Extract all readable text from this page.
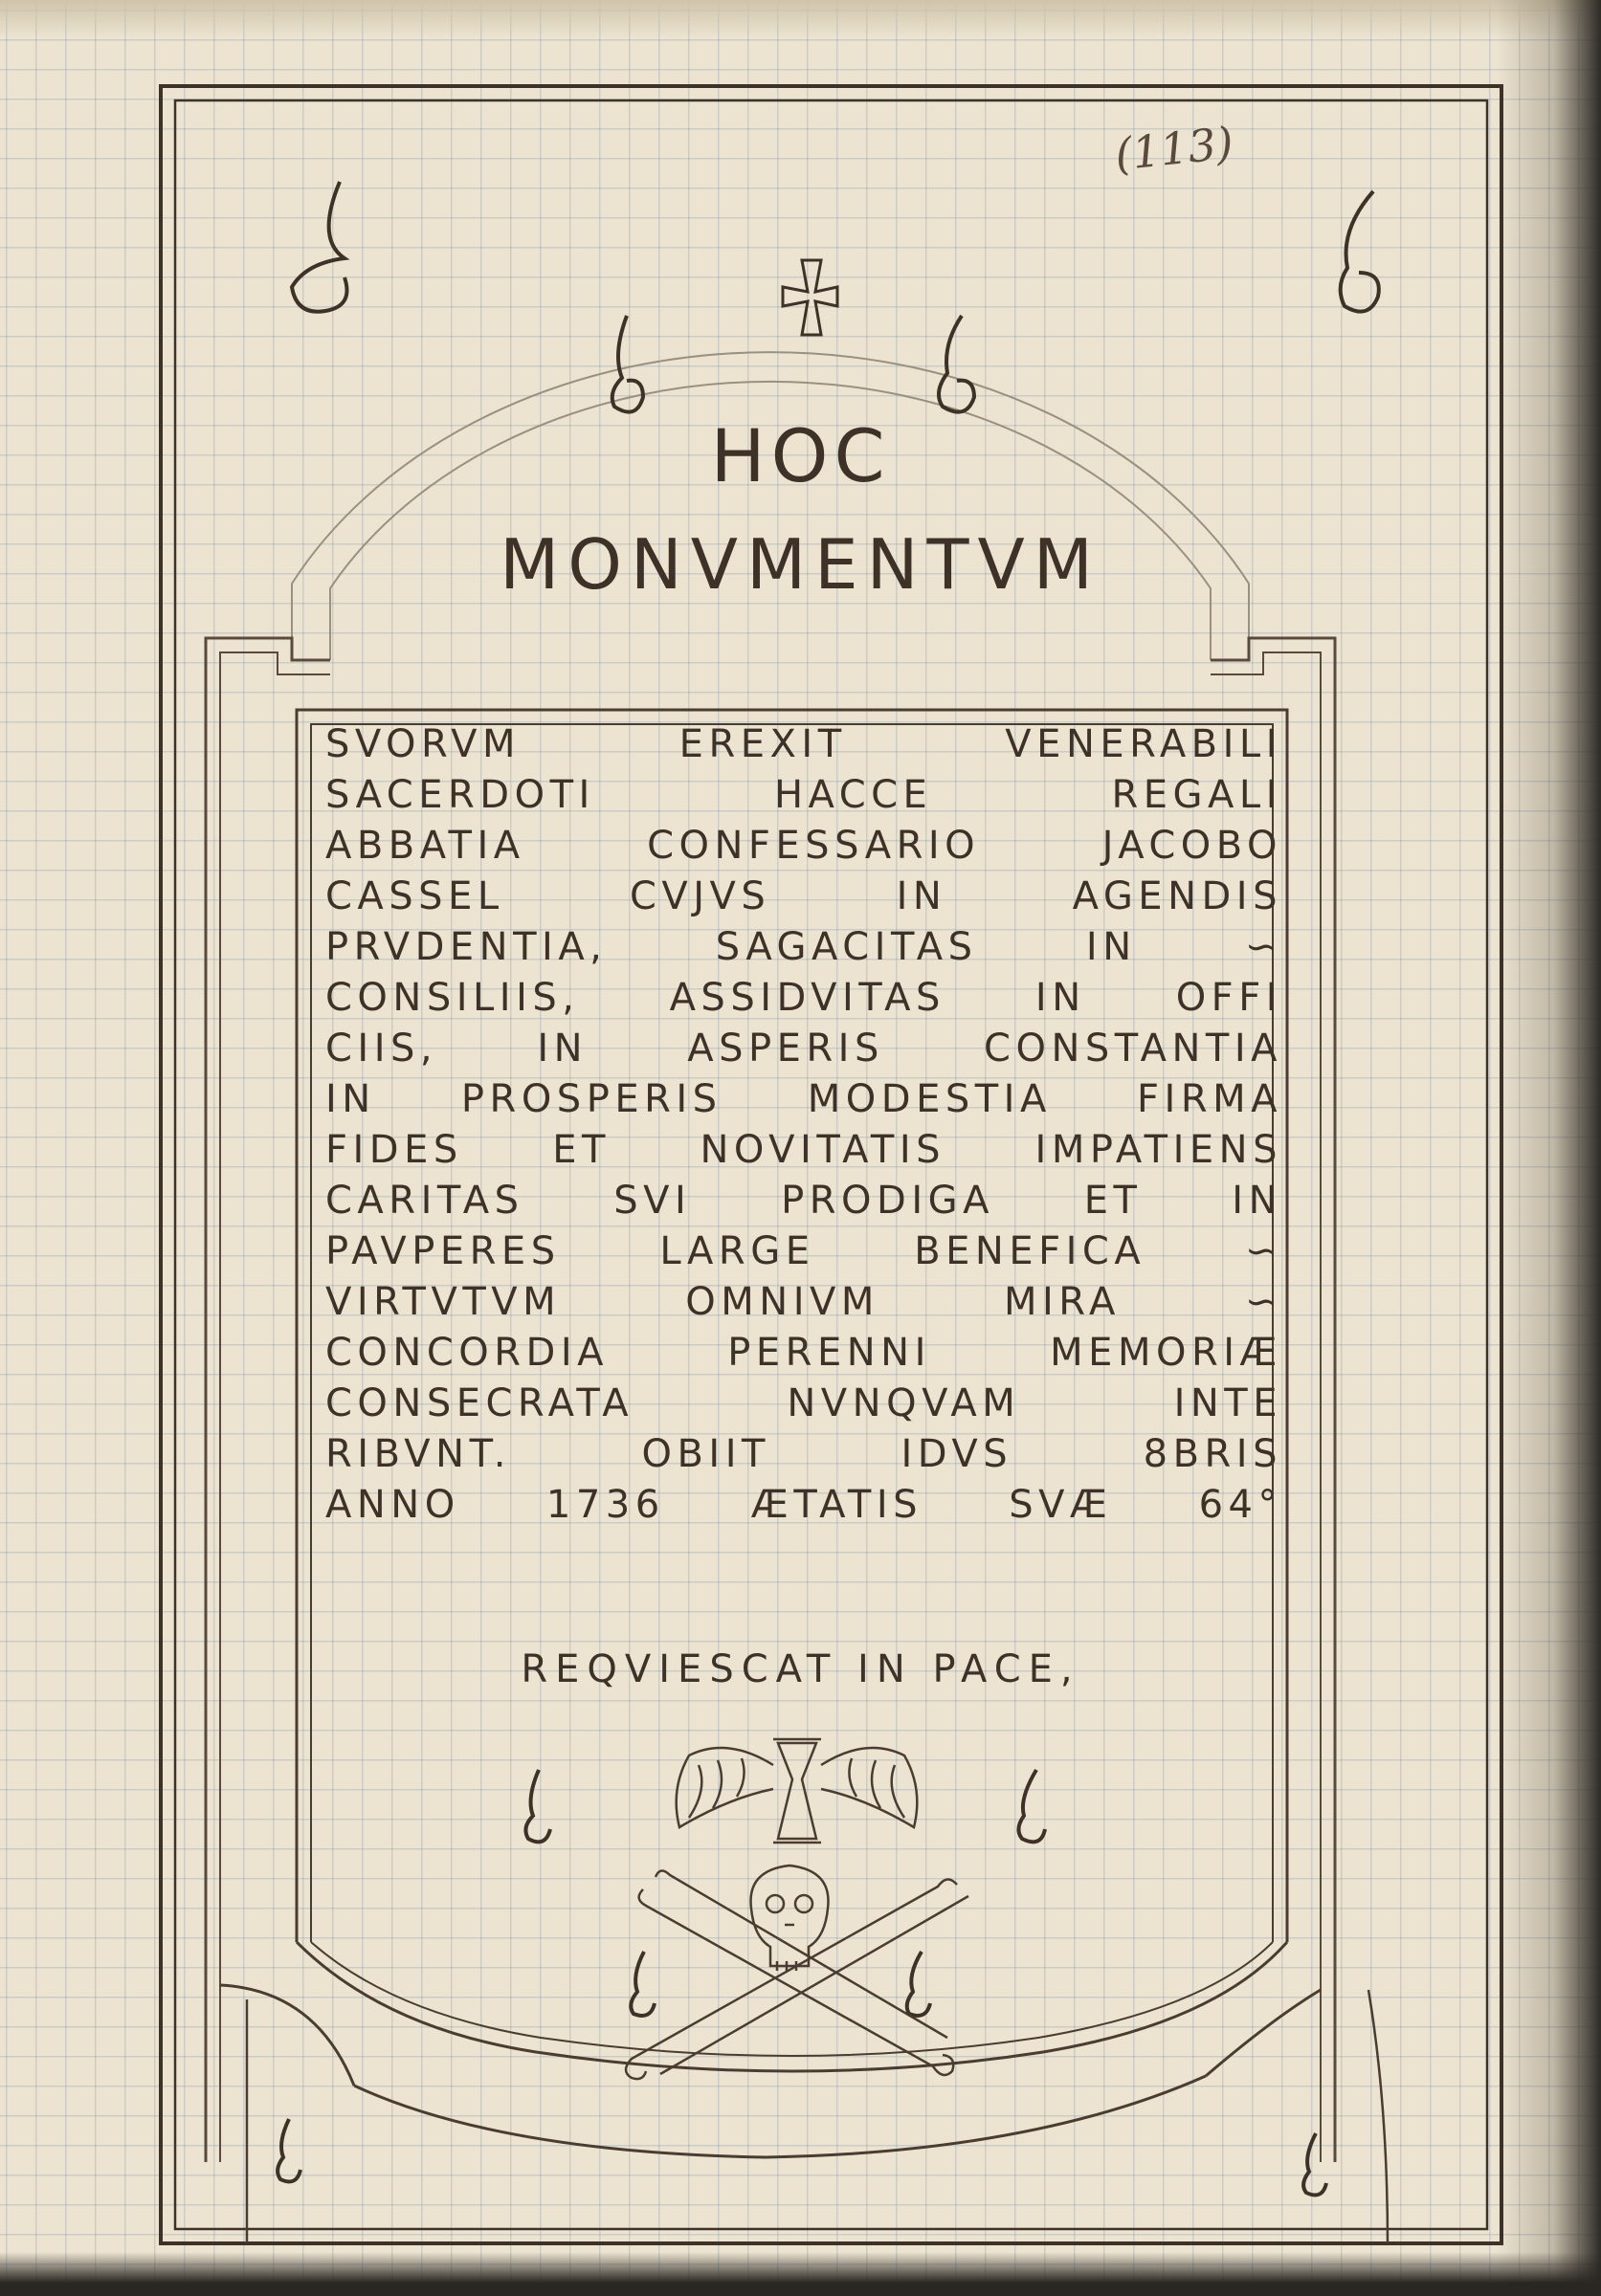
(113)
HOC
MONVMENTVM
SVORVM EREXIT VENERABILI
SACERDOTI HACCE REGALI
ABBATIA CONFESSARIO JACOBO
CASSEL CVJVS IN AGENDIS
PRVDENTIA, SAGACITAS IN ∽
CONSILIIS, ASSIDVITAS IN OFFI
CIIS, IN ASPERIS CONSTANTIA
IN PROSPERIS MODESTIA FIRMA
FIDES ET NOVITATIS IMPATIENS
CARITAS SVI PRODIGA ET IN
PAVPERES LARGE BENEFICA ∽
VIRTVTVM OMNIVM MIRA ∽
CONCORDIA PERENNI MEMORIÆ
CONSECRATA NVNQVAM INTE
RIBVNT. OBIIT IDVS 8BRIS
ANNO 1736 ÆTATIS SVÆ 64°
REQVIESCAT IN PACE,
